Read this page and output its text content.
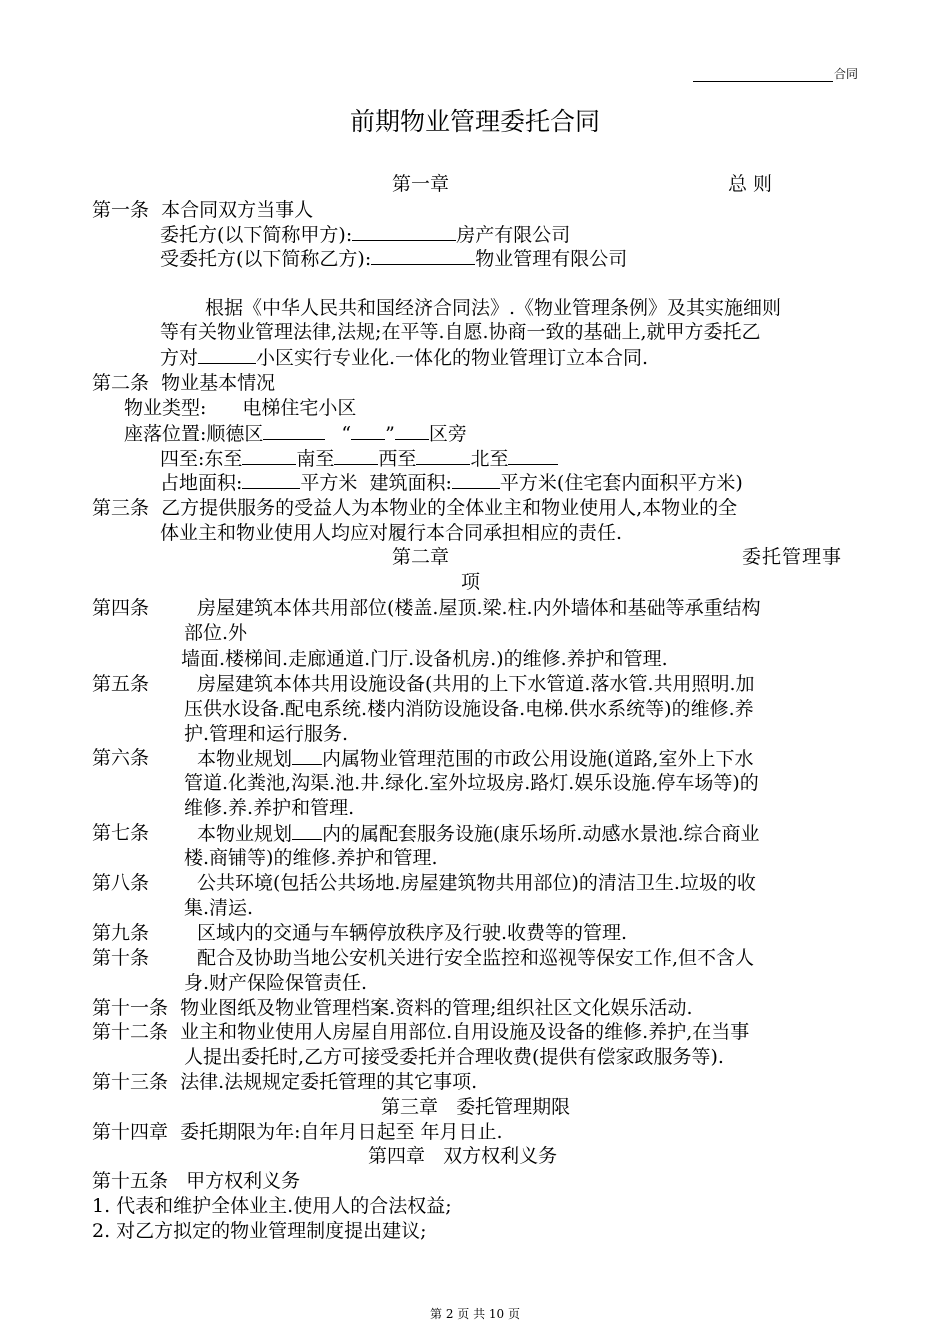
合同
前期物业管理委托合同
第一章	总 则
第一条 本合同双方当事人
委托方(以下简称甲方):	房产有限公司
受委托方(以下简称乙方):	物业管理有限公司
根据《中华人民共和国经济合同法》.《物业管理条例》及其实施细则
等有关物业管理法律,法规;在平等.自愿.协商一致的基础上,就甲方委托乙
方对	小区实行专业化.一体化的物业管理订立本合同.
第二条 物业基本情况
物业类型: 电梯住宅小区
座落位置:顺德区	“ ” 区旁
四至:东至	南至 西至	北至
占地面积:	平方米 建筑面积:	平方米(住宅套内面积平方米)
第三条 乙方提供服务的受益人为本物业的全体业主和物业使用人,本物业的全
体业主和物业使用人均应对履行本合同承担相应的责任.
第二章	委托管理事
项
第四条	房屋建筑本体共用部位(楼盖.屋顶.梁.柱.内外墙体和基础等承重结构
部位.外
墙面.楼梯间.走廊通道.门厅.设备机房.)的维修.养护和管理.
第五条	房屋建筑本体共用设施设备(共用的上下水管道.落水管.共用照明.加
压供水设备.配电系统.楼内消防设施设备.电梯.供水系统等)的维修.养
护.管理和运行服务.
第六条	本物业规划 内属物业管理范围的市政公用设施(道路,室外上下水
管道.化粪池,沟渠.池.井.绿化.室外垃圾房.路灯.娱乐设施.停车场等)的
维修.养.养护和管理.
第七条	本物业规划 内的属配套服务设施(康乐场所.动感水景池.综合商业
楼.商铺等)的维修.养护和管理.
第八条	公共环境(包括公共场地.房屋建筑物共用部位)的清洁卫生.垃圾的收
集.清运.
第九条	区域内的交通与车辆停放秩序及行驶.收费等的管理.
第十条	配合及协助当地公安机关进行安全监控和巡视等保安工作,但不含人
身.财产保险保管责任.
第十一条 物业图纸及物业管理档案.资料的管理;组织社区文化娱乐活动.
第十二条 业主和物业使用人房屋自用部位.自用设施及设备的维修.养护,在当事
人提出委托时,乙方可接受委托并合理收费(提供有偿家政服务等).
第十三条 法律.法规规定委托管理的其它事项.
第三章 委托管理期限
第十四章 委托期限为年:自年月日起至 年月日止.
第四章 双方权利义务
第十五条 甲方权利义务
1. 代表和维护全体业主.使用人的合法权益;
2. 对乙方拟定的物业管理制度提出建议;
第 2 页 共 10 页
